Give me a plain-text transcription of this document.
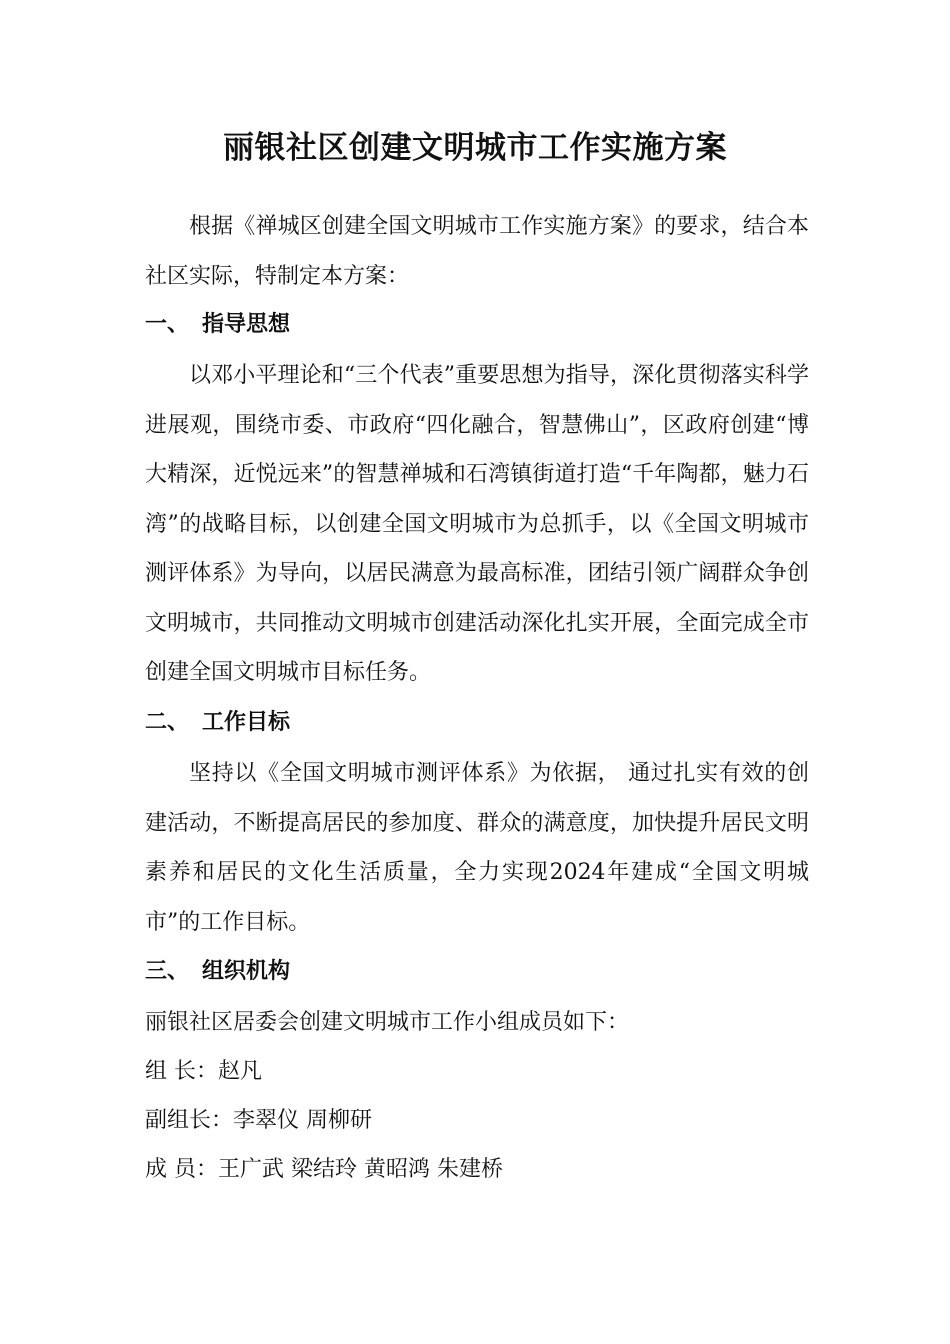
丽银社区创建文明城市工作实施方案
根据《禅城区创建全国文明城市工作实施方案》的要求，结合本社区实际，特制定本方案：
一、 指导思想
以邓小平理论和“三个代表”重要思想为指导，深化贯彻落实科学进展观，围绕市委、市政府“四化融合，智慧佛山”，区政府创建“博大精深，近悦远来”的智慧禅城和石湾镇街道打造“千年陶都，魅力石湾”的战略目标，以创建全国文明城市为总抓手，以《全国文明城市测评体系》为导向，以居民满意为最高标准，团结引领广阔群众争创文明城市，共同推动文明城市创建活动深化扎实开展，全面完成全市创建全国文明城市目标任务。
二、 工作目标
坚持以《全国文明城市测评体系》为依据， 通过扎实有效的创建活动，不断提高居民的参加度、群众的满意度，加快提升居民文明素养和居民的文化生活质量，全力实现2024年建成“全国文明城市”的工作目标。
三、 组织机构
丽银社区居委会创建文明城市工作小组成员如下：
组 长：赵凡
副组长：李翠仪 周柳研
成 员：王广武 梁结玲 黄昭鸿 朱建桥
